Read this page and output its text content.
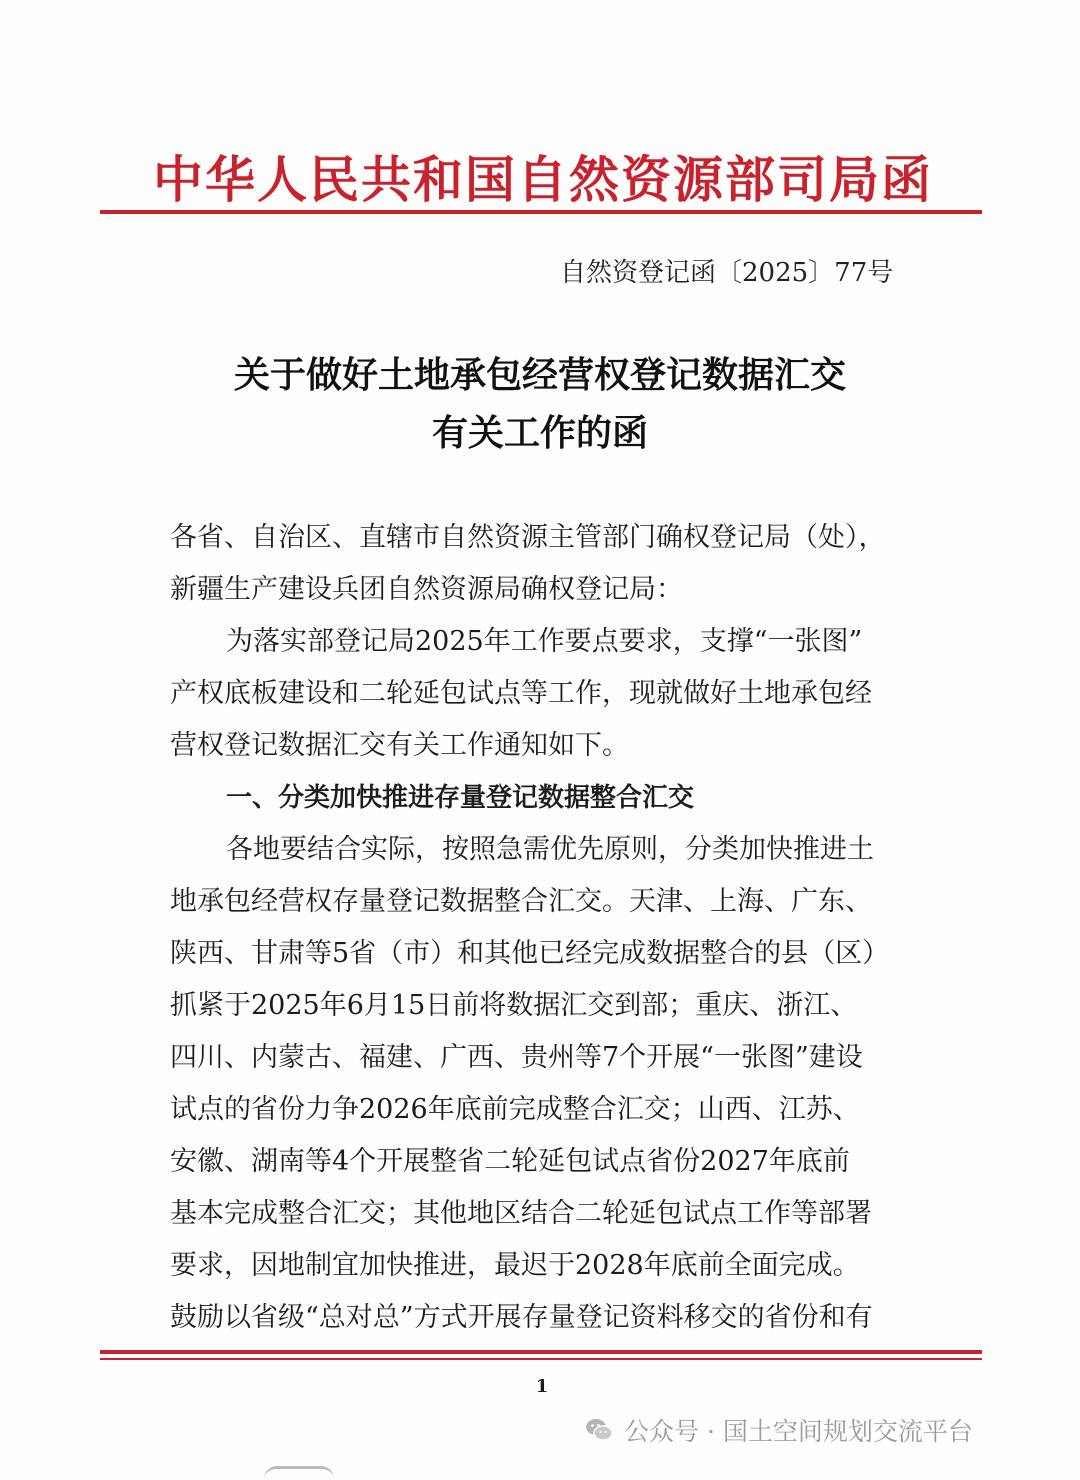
中华人民共和国自然资源部司局函
自然资登记函〔2025〕77号
关于做好土地承包经营权登记数据汇交
有关工作的函
各省、自治区、直辖市自然资源主管部门确权登记局（处），
新疆生产建设兵团自然资源局确权登记局：
为落实部登记局2025年工作要点要求，支撑“一张图”
产权底板建设和二轮延包试点等工作，现就做好土地承包经
营权登记数据汇交有关工作通知如下。
一、分类加快推进存量登记数据整合汇交
各地要结合实际，按照急需优先原则，分类加快推进土
地承包经营权存量登记数据整合汇交。天津、上海、广东、
陕西、甘肃等5省（市）和其他已经完成数据整合的县（区）
抓紧于2025年6月15日前将数据汇交到部；重庆、浙江、
四川、内蒙古、福建、广西、贵州等7个开展“一张图”建设
试点的省份力争2026年底前完成整合汇交；山西、江苏、
安徽、湖南等4个开展整省二轮延包试点省份2027年底前
基本完成整合汇交；其他地区结合二轮延包试点工作等部署
要求，因地制宜加快推进，最迟于2028年底前全面完成。
鼓励以省级“总对总”方式开展存量登记资料移交的省份和有
1
公众号 · 国土空间规划交流平台
